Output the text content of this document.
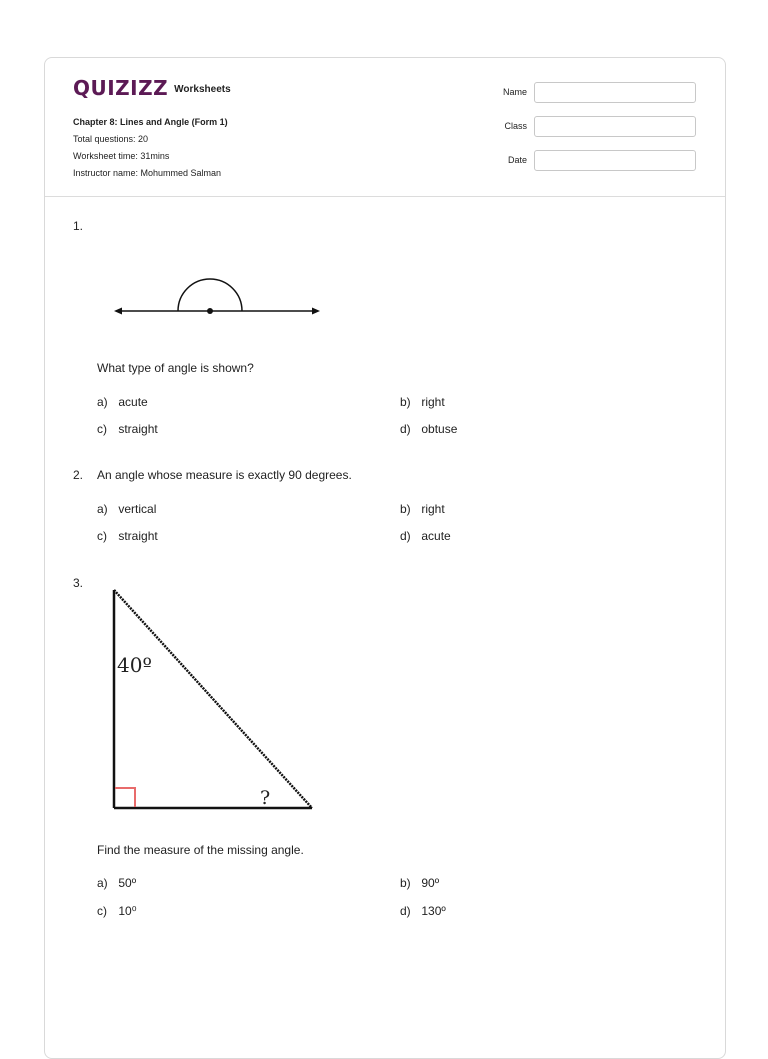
QUIZIZZ Worksheets
Chapter 8: Lines and Angle (Form 1)
Total questions: 20
Worksheet time: 31mins
Instructor name: Mohummed Salman
Name
Class
Date
1.
What type of angle is shown?
a) acute	b) right
c) straight	d) obtuse
2. An angle whose measure is exactly 90 degrees.
a) vertical	b) right
c) straight	d) acute
3.
40º
?
Find the measure of the missing angle.
a) 50º	b) 90º
c) 10⁰	d) 130º
